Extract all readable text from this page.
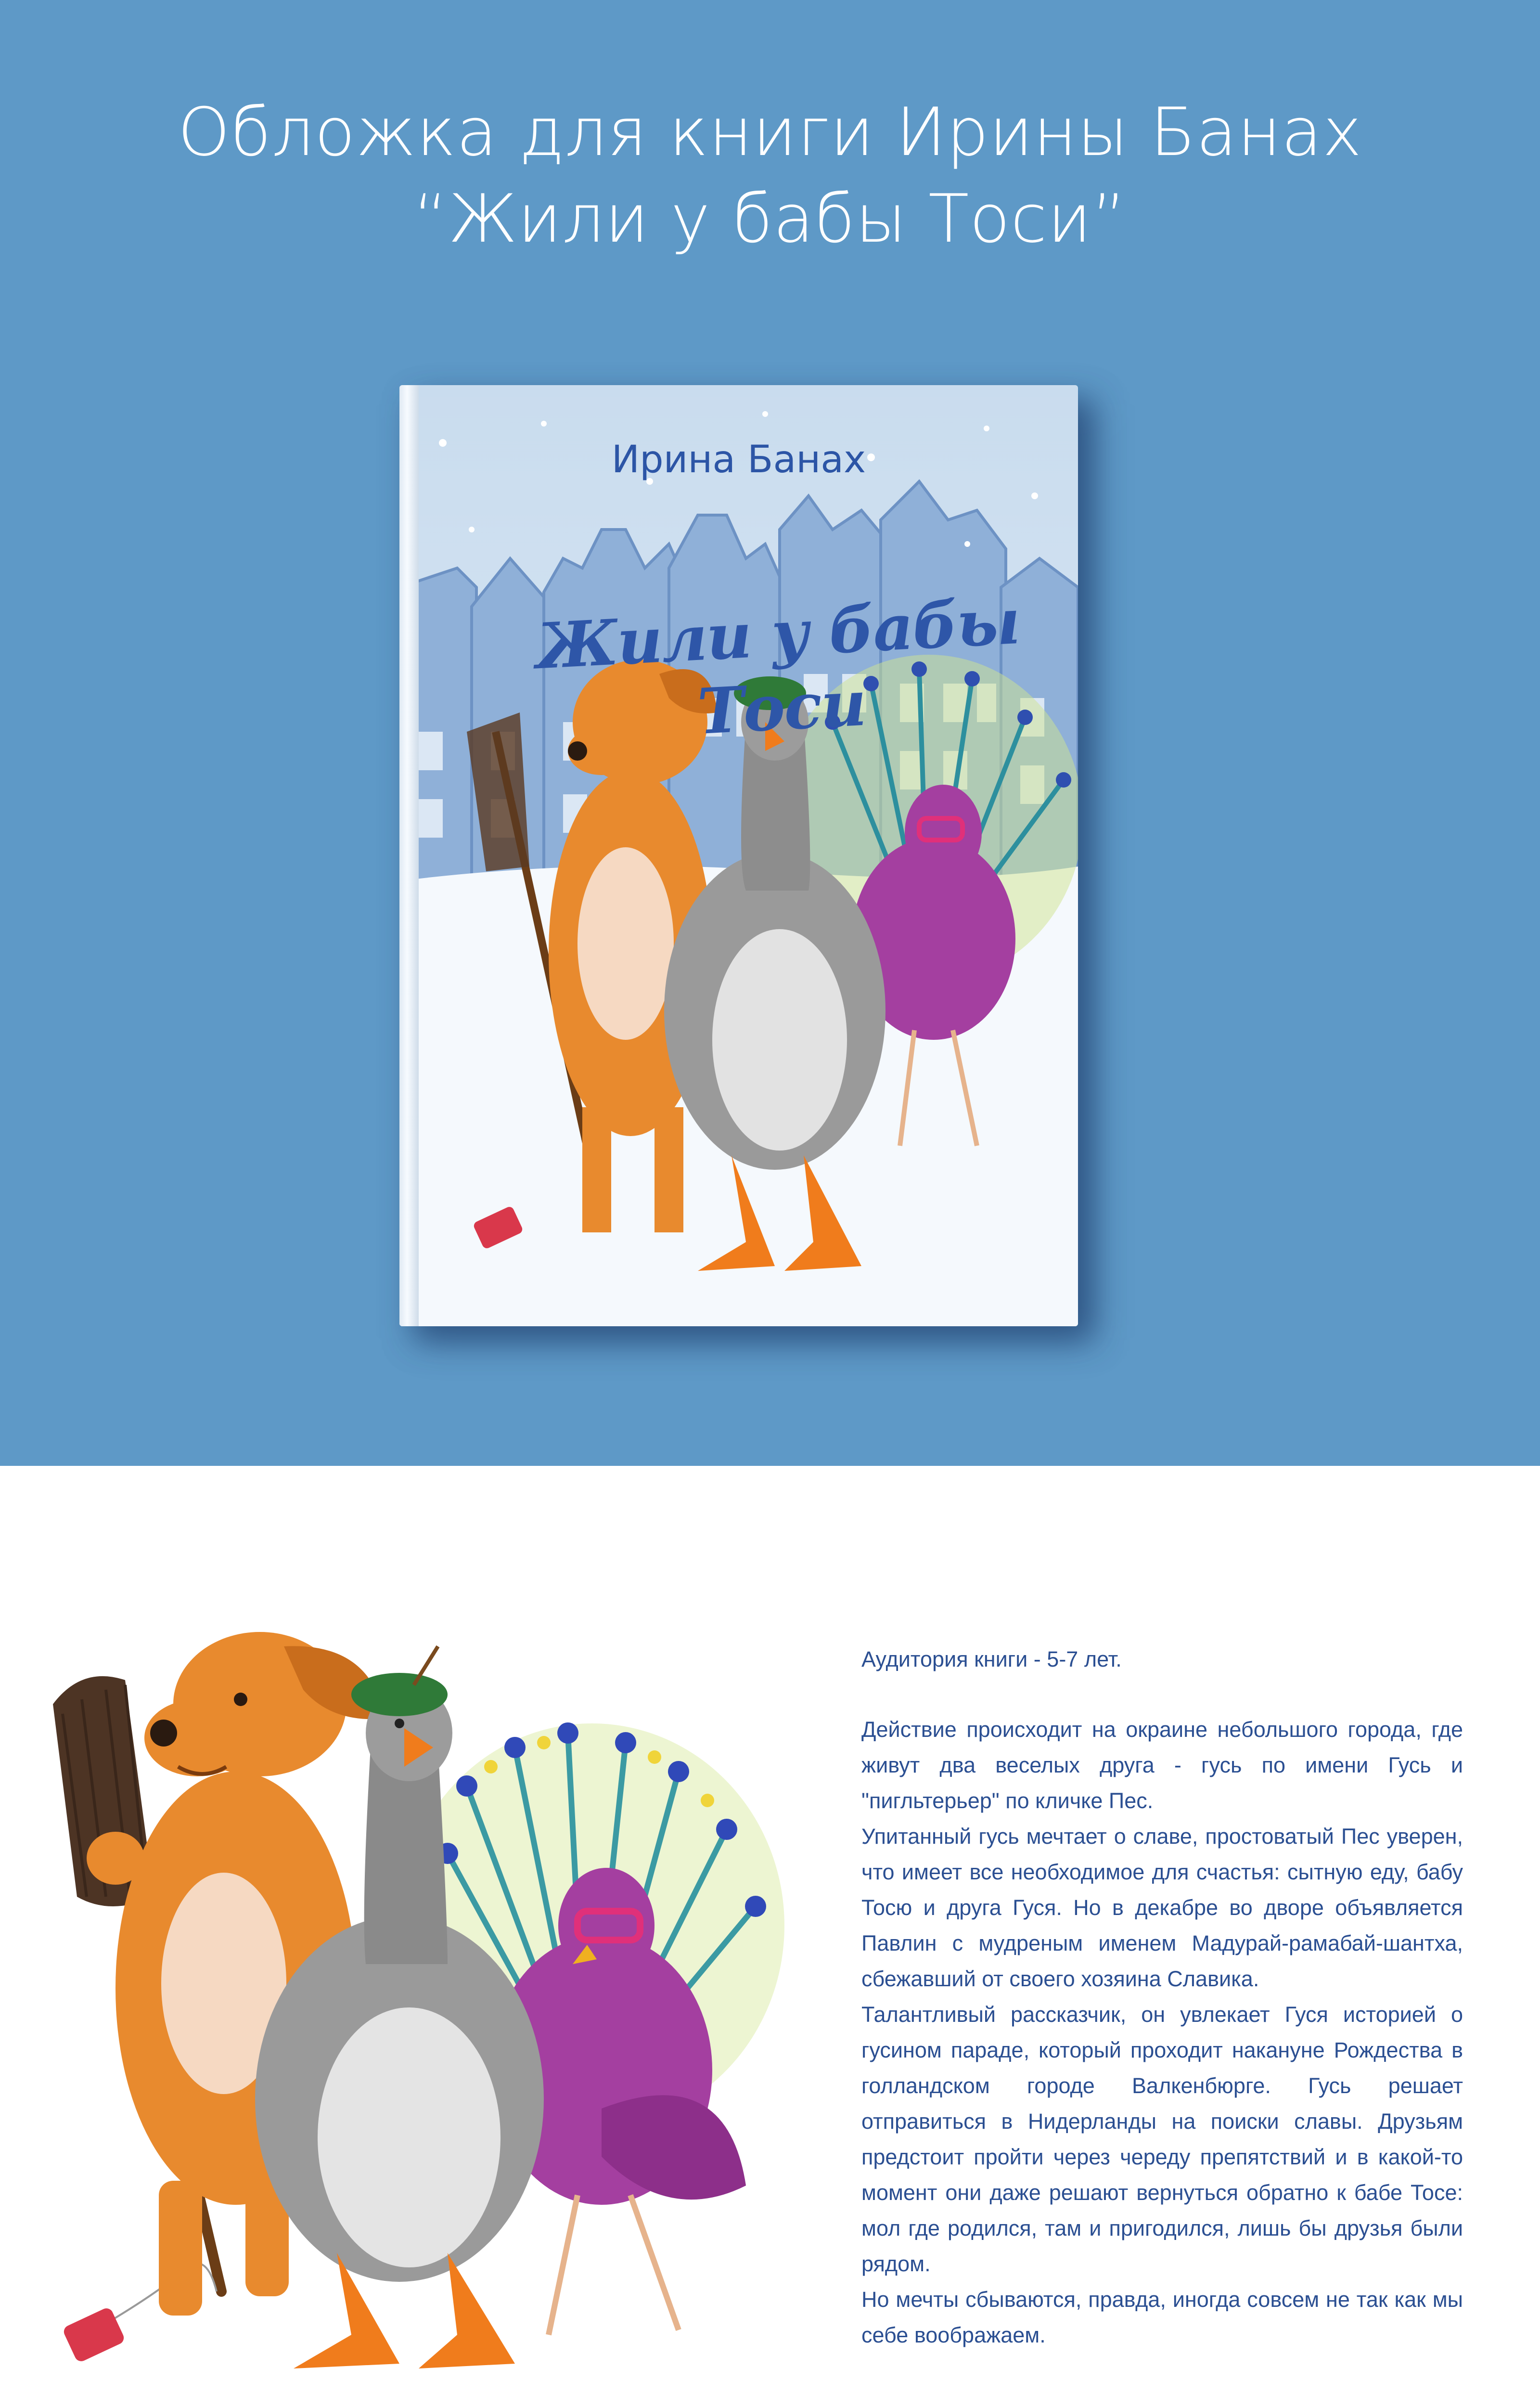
Обложка для книги Ирины Банах
“Жили у бабы Тоси”
Ирина Банах
Жили у бабы Тоси

Аудитория книги - 5-7 лет.

Действие происходит на окраине небольшого города, где живут два веселых друга - гусь по имени Гусь и "пигльтерьер" по кличке Пес.

Упитанный гусь мечтает о славе, простоватый Пес уверен, что имеет все необходимое для счастья: сытную еду, бабу Тосю и друга Гуся. Но в декабре во дворе объявляется Павлин с мудреным именем Мадурай-рамабай-шантха, сбежавший от своего хозяина Славика.

Талантливый рассказчик, он увлекает Гуся историей о гусином параде, который проходит накануне Рождества в голландском городе Валкенбюрге. Гусь решает отправиться в Нидерланды на поиски славы. Друзьям предстоит пройти через череду препятствий и в какой-то момент они даже решают вернуться обратно к бабе Тосе: мол где родился, там и пригодился, лишь бы друзья были рядом.

Но мечты сбываются, правда, иногда совсем не так как мы себе воображаем.
